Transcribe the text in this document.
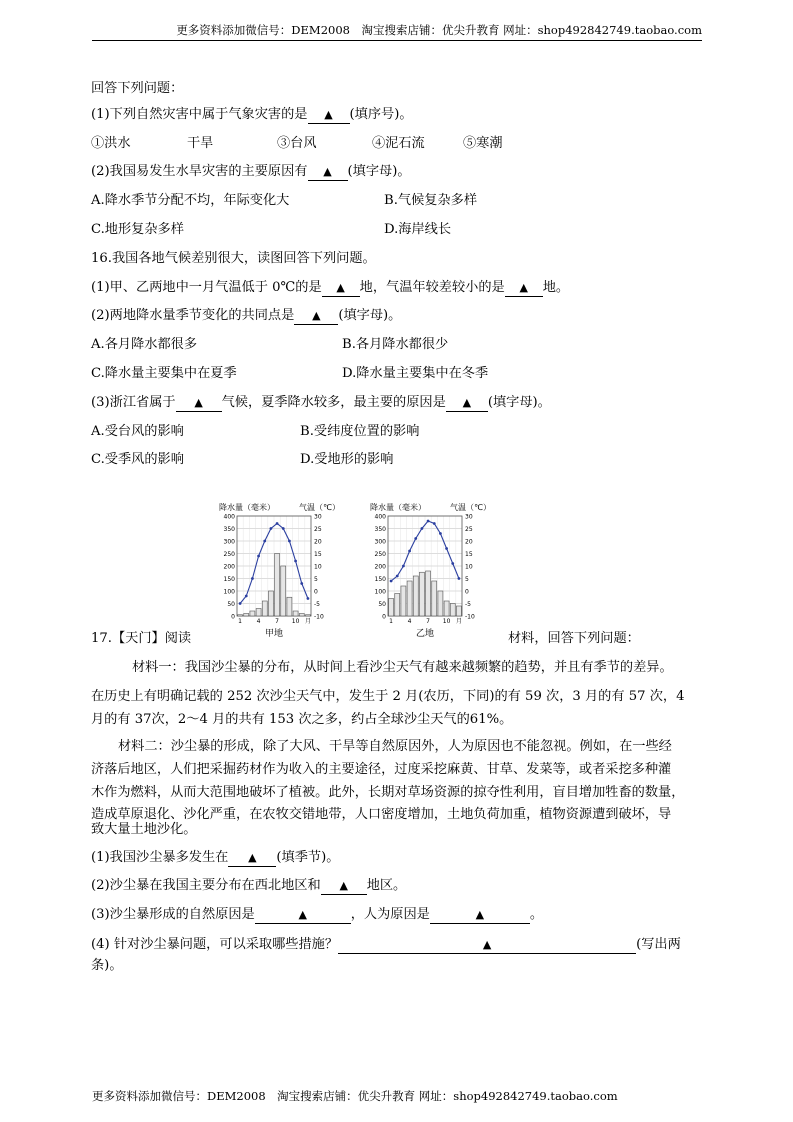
更多资料添加微信号：DEM2008　淘宝搜索店铺：优尖升教育 网址：shop492842749.taobao.com
回答下列问题：
(1)下列自然灾害中属于气象灾害的是 ▲ (填序号)。
①洪水	干旱	③台风	④泥石流	⑤寒潮
(2)我国易发生水旱灾害的主要原因有 ▲ (填字母)。
A.降水季节分配不均，年际变化大	B.气候复杂多样
C.地形复杂多样	D.海岸线长
16.我国各地气候差别很大，读图回答下列问题。
(1)甲、乙两地中一月气温低于 0℃的是 ▲ 地，气温年较差较小的是 ▲ 地。
(2)两地降水量季节变化的共同点是 ▲ (填字母)。
A.各月降水都很多	B.各月降水都很少
C.降水量主要集中在夏季	D.降水量主要集中在冬季
(3)浙江省属于 ▲ 气候，夏季降水较多，最主要的原因是 ▲ (填字母)。
A.受台风的影响	B.受纬度位置的影响
C.受季风的影响	D.受地形的影响
降水量（毫米）	气温（℃）
400
350
300
250
200
150
100
50
0
30
25
20
15
10
5
0
-5
-10
1 4 7 10 月
甲地
降水量（毫米）	气温（℃）
400
350
300
250
200
150
100
50
0
30
25
20
15
10
5
0
-5
-10
1 4 7 10 月
乙地
17.【天门】阅读	材料，回答下列问题：
材料一：我国沙尘暴的分布，从时间上看沙尘天气有越来越频繁的趋势，并且有季节的差异。
在历史上有明确记载的 252 次沙尘天气中，发生于 2 月(农历，下同)的有 59 次，3 月的有 57 次，4
月的有 37次，2～4 月的共有 153 次之多，约占全球沙尘天气的61%。
材料二：沙尘暴的形成，除了大风、干旱等自然原因外，人为原因也不能忽视。例如，在一些经
济落后地区，人们把采掘药材作为收入的主要途径，过度采挖麻黄、甘草、发菜等，或者采挖多种灌
木作为燃料，从而大范围地破坏了植被。此外，长期对草场资源的掠夺性利用，盲目增加牲畜的数量，
造成草原退化、沙化严重，在农牧交错地带，人口密度增加，土地负荷加重，植物资源遭到破坏，导
致大量土地沙化。
(1)我国沙尘暴多发生在 ▲ (填季节)。
(2)沙尘暴在我国主要分布在西北地区和 ▲ 地区。
(3)沙尘暴形成的自然原因是	▲	，人为原因是	▲	。
(4) 针对沙尘暴问题，可以采取哪些措施？	▲	(写出两
条)。
更多资料添加微信号：DEM2008　淘宝搜索店铺：优尖升教育 网址：shop492842749.taobao.com
